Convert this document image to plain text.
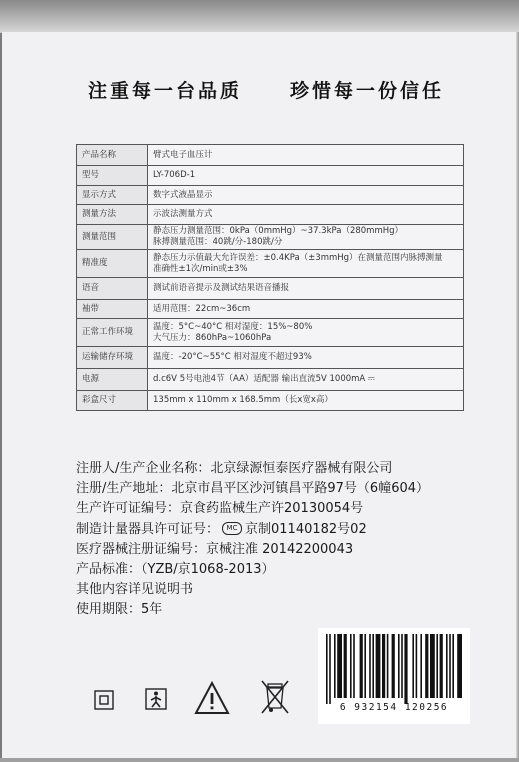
注重每一台品质	珍惜每一份信任
产品名称	臂式电子血压计
型号	LY-706D-1
显示方式	数字式液晶显示
测量方法	示波法测量方式
测量范围	静态压力测量范围：0kPa（0mmHg）~37.3kPa（280mmHg）
脉搏测量范围：40跳/分-180跳/分
精准度	静态压力示值最大允许误差：±0.4KPa（±3mmHg）在测量范围内脉搏测量
准确性±1次/min或±3%
语音	测试前语音提示及测试结果语音播报
袖带	适用范围：22cm~36cm
正常工作环境	温度：5°C~40°C 相对湿度：15%~80%
大气压力：860hPa~1060hPa
运输储存环境	温度：-20°C~55°C 相对湿度不超过93%
电源	d.c6V 5号电池4节（AA）适配器 输出直流5V 1000mA ⎓
彩盒尺寸	135mm x 110mm x 168.5mm（长x宽x高）
注册人/生产企业名称：北京绿源恒泰医疗器械有限公司
注册/生产地址：北京市昌平区沙河镇昌平路97号（6幢604）
生产许可证编号：京食药监械生产许20130054号
制造计量器具许可证号： MC 京制01140182号02
医疗器械注册证编号：京械注准 20142200043
产品标准：（YZB/京1068-2013）
其他内容详见说明书
使用期限：5年
6 932154 120256
